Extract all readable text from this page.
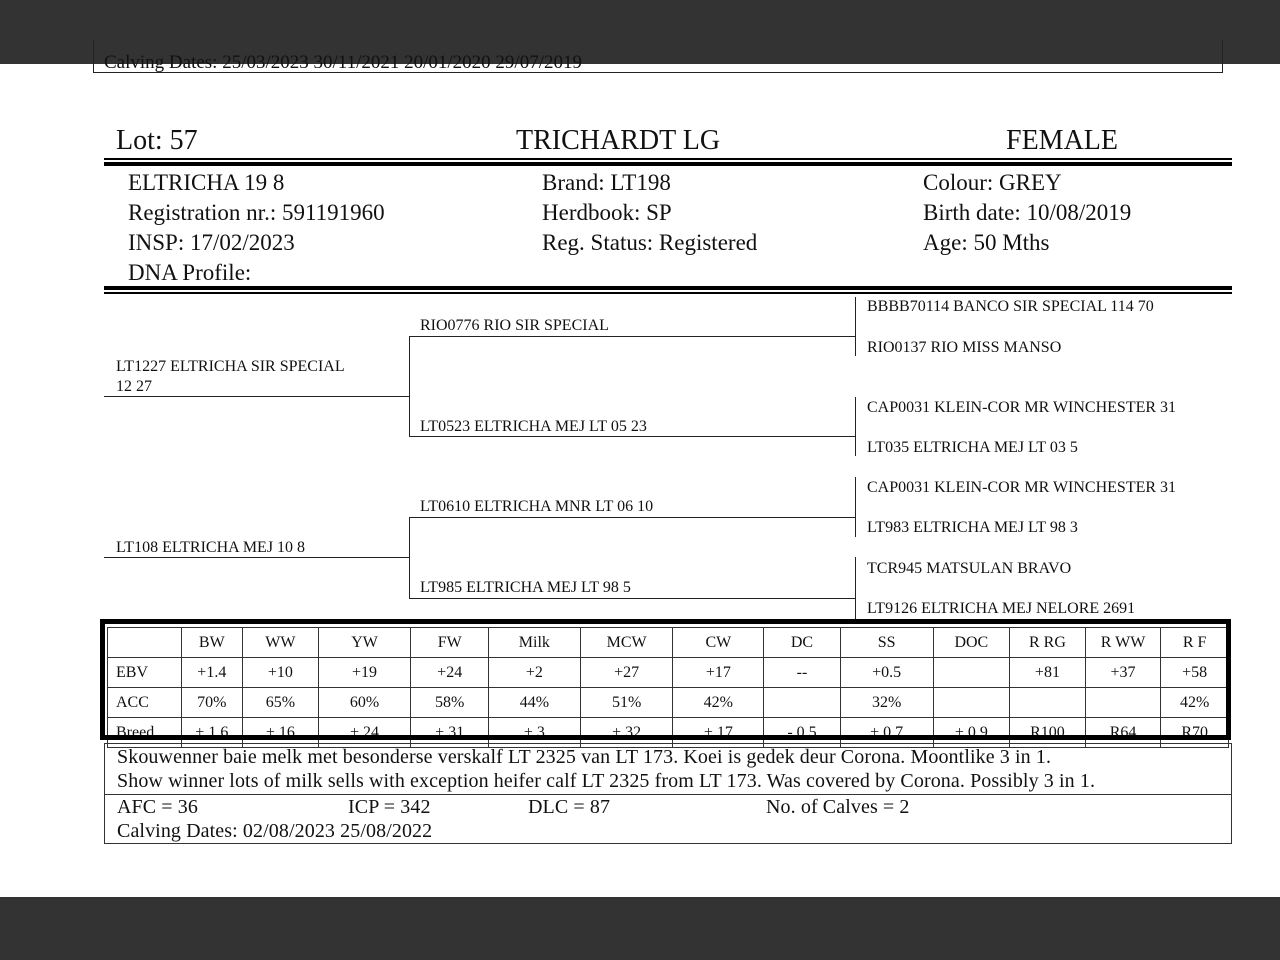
Calving Dates: 25/03/2023 30/11/2021 20/01/2020 29/07/2019
Lot: 57	TRICHARDT LG	FEMALE
ELTRICHA 19 8
Registration nr.: 591191960
INSP: 17/02/2023
DNA Profile:
Brand: LT198
Herdbook: SP
Reg. Status: Registered
Colour: GREY
Birth date: 10/08/2019
Age: 50 Mths
LT1227 ELTRICHA SIR SPECIAL
12 27
LT108 ELTRICHA MEJ 10 8
RIO0776 RIO SIR SPECIAL
LT0523 ELTRICHA MEJ LT 05 23
LT0610 ELTRICHA MNR LT 06 10
LT985 ELTRICHA MEJ LT 98 5
BBBB70114 BANCO SIR SPECIAL 114 70
RIO0137 RIO MISS MANSO
CAP0031 KLEIN-COR MR WINCHESTER 31
LT035 ELTRICHA MEJ LT 03 5
CAP0031 KLEIN-COR MR WINCHESTER 31
LT983 ELTRICHA MEJ LT 98 3
TCR945 MATSULAN BRAVO
LT9126 ELTRICHA MEJ NELORE 2691
	BW	WW	YW	FW	Milk	MCW	CW	DC	SS	DOC	R RG	R WW	R F
EBV	+1.4	+10	+19	+24	+2	+27	+17	--	+0.5		+81	+37	+58
ACC	70%	65%	60%	58%	44%	51%	42%		32%				42%
Breed	+ 1.6	+ 16	+ 24	+ 31	+ 3	+ 32	+ 17	- 0.5	+ 0.7	+ 0.9	R100	R64	R70
Skouwenner baie melk met besonderse verskalf LT 2325 van LT 173. Koei is gedek deur Corona. Moontlike 3 in 1.
Show winner lots of milk sells with exception heifer calf LT 2325 from LT 173. Was covered by Corona. Possibly 3 in 1.
AFC = 36	ICP = 342	DLC = 87	No. of Calves = 2
Calving Dates: 02/08/2023 25/08/2022
